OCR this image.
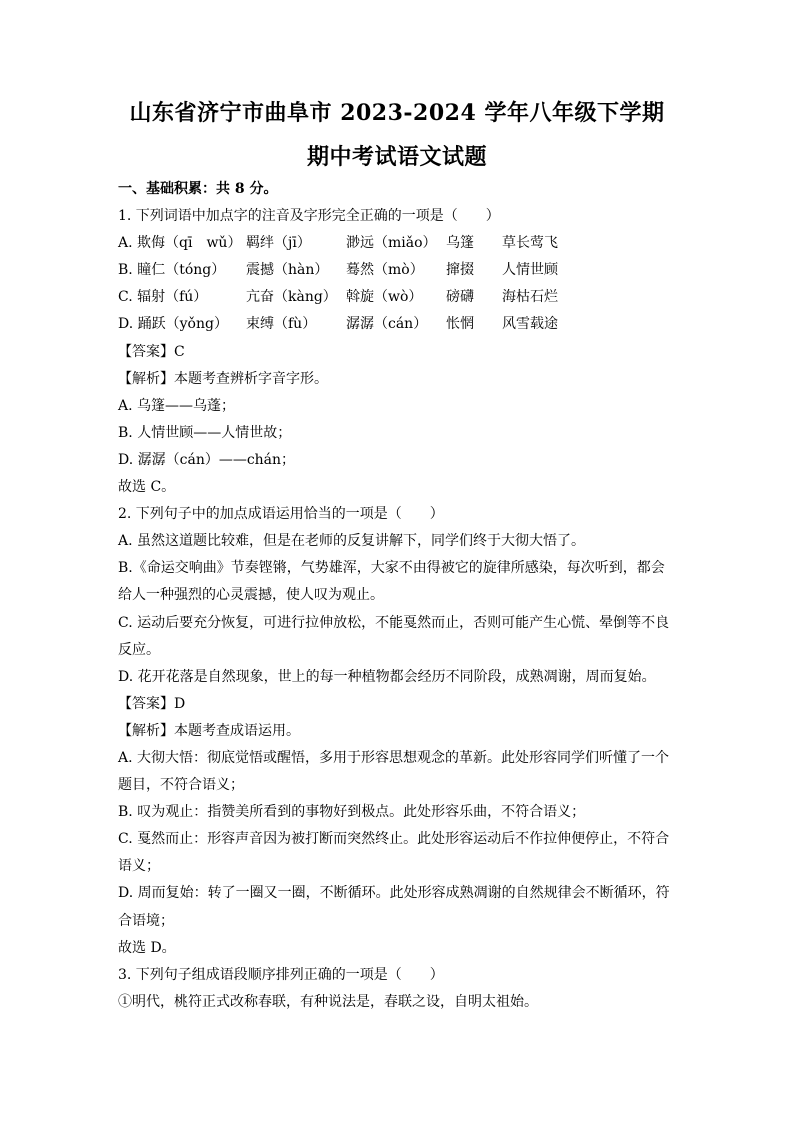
山东省济宁市曲阜市 2023-2024 学年八年级下学期
期中考试语文试题
一、基础积累：共 8 分。
1. 下列词语中加点字的注音及字形完全正确的一项是（　　）
A. 欺侮（qī　wǔ） 羁绊（jī）	渺远（miǎo） 乌篷	草长莺飞
B. 瞳仁（tóng）	震撼（hàn）	蓦然（mò）	撺掇	人情世顾
C. 辐射（fú）	亢奋（kàng） 斡旋（wò）	磅礴	海枯石烂
D. 踊跃（yǒng）	束缚（fù）	潺潺（cán）	怅惘	风雪载途
【答案】C
【解析】本题考查辨析字音字形。
A. 乌篷——乌蓬；
B. 人情世顾——人情世故；
D. 潺潺（cán）——chán；
故选 C。
2. 下列句子中的加点成语运用恰当的一项是（　　）
A. 虽然这道题比较难，但是在老师的反复讲解下，同学们终于大彻大悟了。
B.《命运交响曲》节奏铿锵，气势雄浑，大家不由得被它的旋律所感染，每次听到，都会
给人一种强烈的心灵震撼，使人叹为观止。
C. 运动后要充分恢复，可进行拉伸放松，不能戛然而止，否则可能产生心慌、晕倒等不良
反应。
D. 花开花落是自然现象，世上的每一种植物都会经历不同阶段，成熟凋谢，周而复始。
【答案】D
【解析】本题考查成语运用。
A. 大彻大悟：彻底觉悟或醒悟，多用于形容思想观念的革新。此处形容同学们听懂了一个
题目，不符合语义；
B. 叹为观止：指赞美所看到的事物好到极点。此处形容乐曲，不符合语义；
C. 戛然而止：形容声音因为被打断而突然终止。此处形容运动后不作拉伸便停止，不符合
语义；
D. 周而复始：转了一圈又一圈，不断循环。此处形容成熟凋谢的自然规律会不断循环，符
合语境；
故选 D。
3. 下列句子组成语段顺序排列正确的一项是（　　）
①明代，桃符正式改称春联，有种说法是，春联之设，自明太祖始。
